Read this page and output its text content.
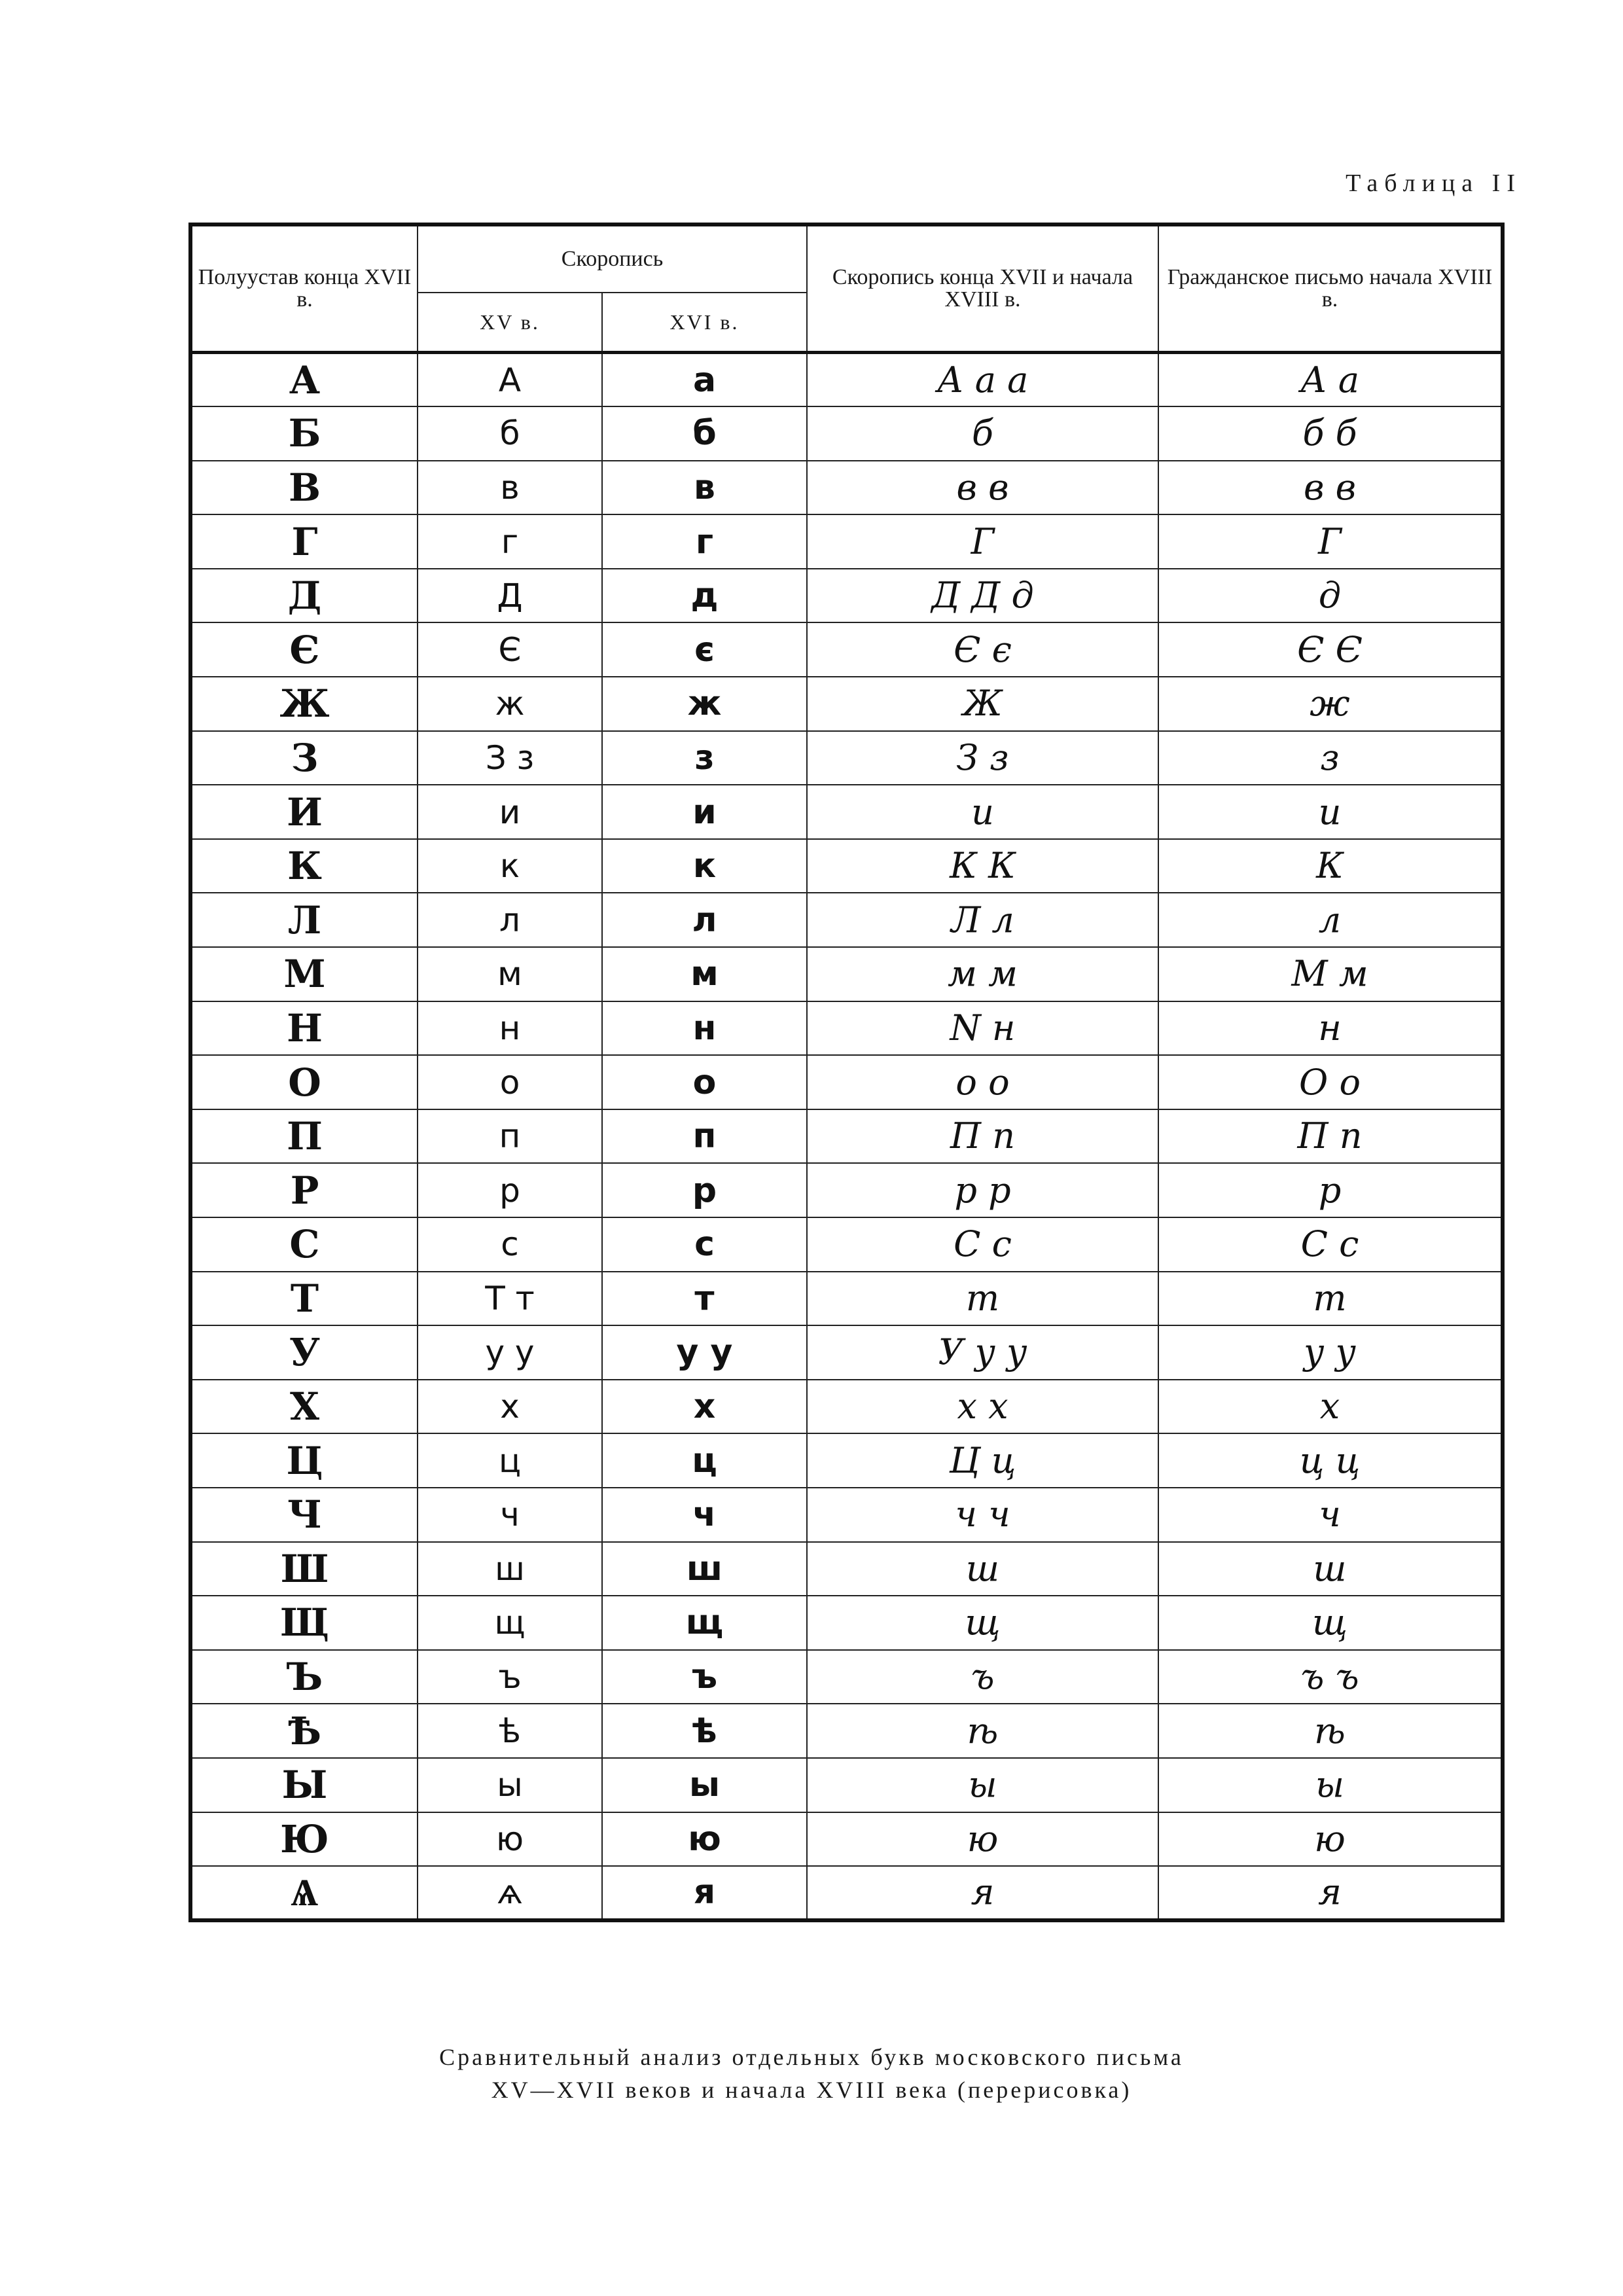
Таблица II
Полуустав конца XVII в.	Скоропись		Скоропись конца XVII и начала XVIII в.	Гражданское письмо начала XVIII в.
	XV в.	XVI в.		
А	А	а	А а а	А а
Б	б	б	б	б б
В	в	в	в в	в в
Г	г	г	Г	Г
Д	Д	д	Д Д д	д
Є	Є	є	Є є	Є Є
Ж	ж	ж	Ж	ж
З	З з	з	З з	з
И	и	и	и	и
К	к	к	К К	К
Л	л	л	Л л	л
М	м	м	м м	М м
Н	н	н	N н	н
О	о	о	о о	О о
П	п	п	П п	П п
Р	р	р	р р	р
С	с	с	С с	С с
Т	Т т	т	т	т
У	у у	у у	У у у	у у
Х	х	х	х х	х
Ц	ц	ц	Ц ц	ц ц
Ч	ч	ч	ч ч	ч
Ш	ш	ш	ш	ш
Щ	щ	щ	щ	щ
Ъ	ъ	ъ	ъ	ъ ъ
Ѣ	ѣ	ѣ	ѣ	ѣ
Ы	ы	ы	ы	ы
Ю	ю	ю	ю	ю
Ѧ	ѧ	я	я	я
Сравнительный анализ отдельных букв московского письма
XV—XVII веков и начала XVIII века (перерисовка)
